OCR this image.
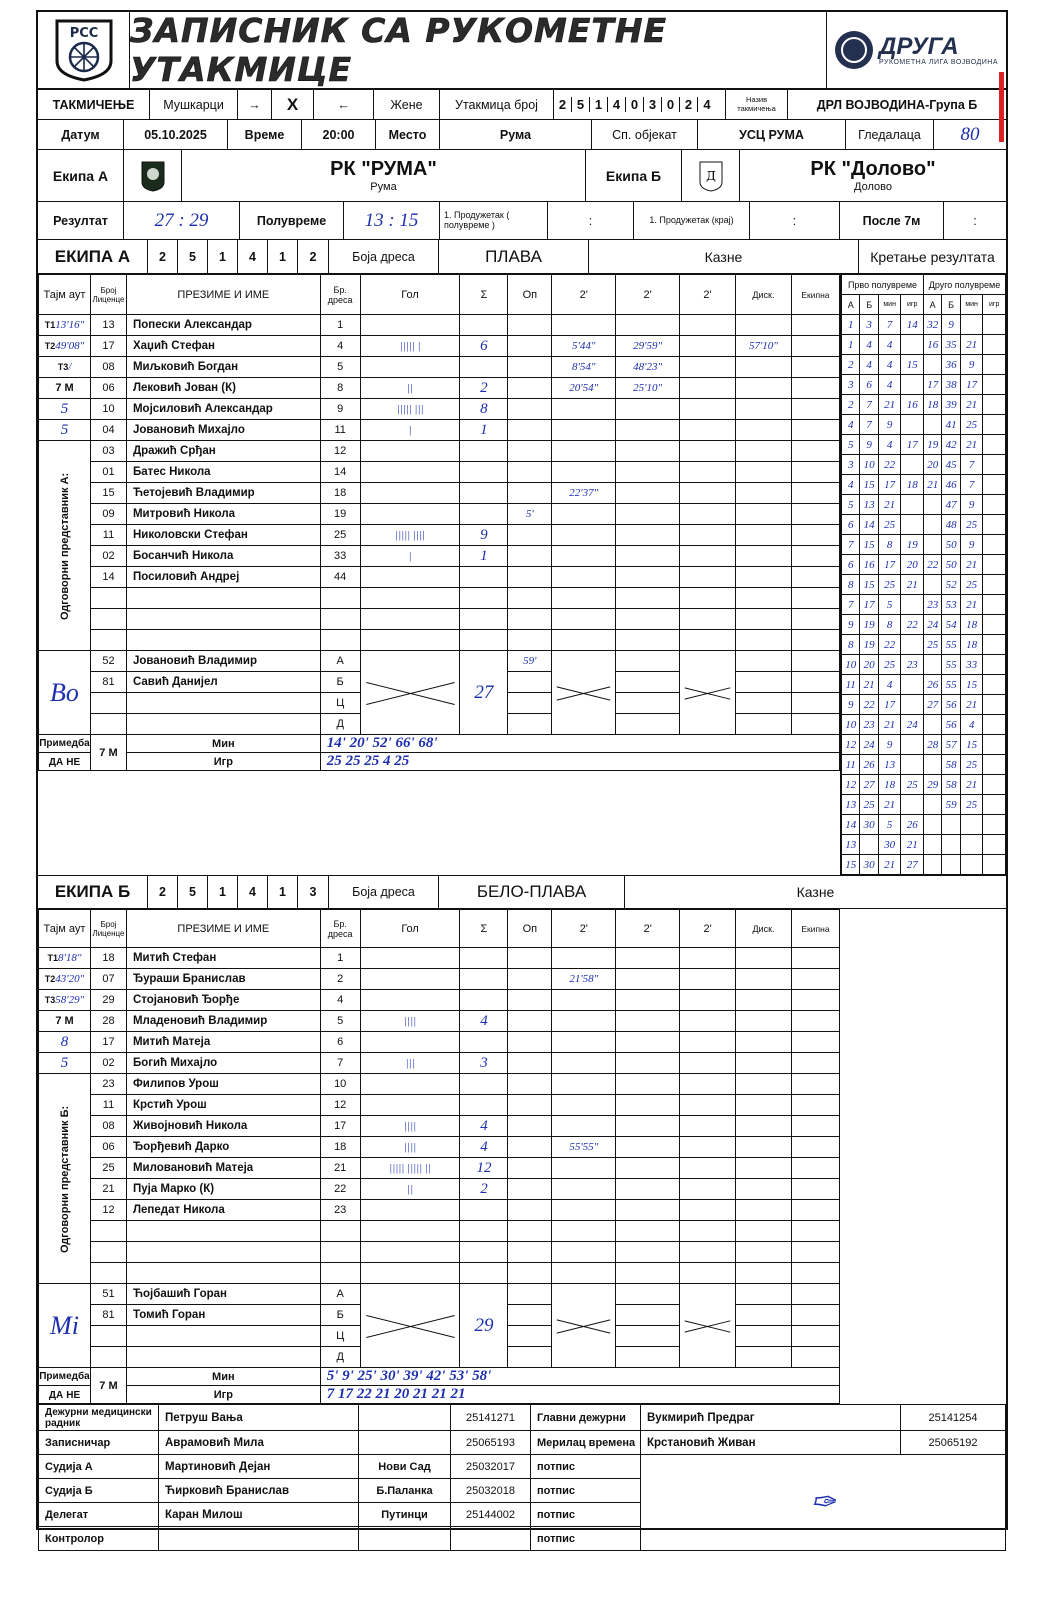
РСС ЗАПИСНИК СА РУКОМЕТНЕ УТАКМИЦЕ
ДРУГА
РУКОМЕТНА ЛИГА ВОЈВОДИНА
ТАКМИЧЕЊЕ	Мушкарци	→	X	←	Жене	Утакмица број	2 5 1 4 0 3 0 2 4	Назив такмичења	ДРЛ ВОЈВОДИНА-Група Б
Датум	05.10.2025	Време	20:00	Место	Рума	Сп. објекат	УСЦ РУМА	Гледалаца	80
Екипа А	РК "РУМА"
Рума
Екипа Б	Д	РК "Долово"
Долово
Резултат	27 : 29	Полувреме	13 : 15	1. Продужетак ( полувреме )	:	1. Продужетак (крај)	:	После 7м	:
ЕКИПА А	2	5	1	4	1	2	Боја дреса	ПЛАВА	Казне	Кретање резултата
Тајм аут	Број Лиценце	ПРЕЗИМЕ И ИМЕ	Бр. дреса	Гол	Σ	Оп	2'	2'	2'	Диск.	Екипна
Т113'16"	13	Попески Александар	1								
Т249'08"	17	Хаџић Стефан	4	||||| |	6		5'44"	29'59"		57'10"	
Т3/	08	Миљковић Богдан	5				8'54"	48'23"			
7 М	06	Лековић Јован (К)	8	||	2		20'54"	25'10"			
5	10	Мојсиловић Александар	9	||||| |||	8						
5	04	Јовановић Михајло	11	|	1						
Одговорни представник А:	03	Дражић Срђан	12								
	01	Батес Никола	14								
	15	Ћетојевић Владимир	18				22'37"				
	09	Митровић Никола	19			5'					
	11	Николовски Стефан	25	||||| ||||	9						
	02	Босанчић Никола	33	|	1						
	14	Посиловић Андреј	44								

Bo	52	Јовановић Владимир	А		27	59'					
	81	Савић Данијел	Б								
			Ц								
			Д								
Примедба	7 М	Мин	14' 20' 52' 66' 68'								
ДА НЕ		Игр	25 25 25 4 25								
Прво полувреме				Друго полувреме			
А	Б	мин	игр	А	Б	мин	игр
1	3	7	14	32	9		
1	4	4		16	35	21	
2	4	4	15		36	9	
3	6	4		17	38	17	
2	7	21	16	18	39	21	
4	7	9			41	25	
5	9	4	17	19	42	21	
3	10	22		20	45	7	
4	15	17	18	21	46	7	
5	13	21			47	9	
6	14	25			48	25	
7	15	8	19		50	9	
6	16	17	20	22	50	21	
8	15	25	21		52	25	
7	17	5		23	53	21	
9	19	8	22	24	54	18	
8	19	22		25	55	18	
10	20	25	23		55	33	
11	21	4		26	55	15	
9	22	17		27	56	21	
10	23	21	24		56	4	
12	24	9		28	57	15	
11	26	13			58	25	
12	27	18	25	29	58	21	
13	25	21			59	25	
14	30	5	26				
13		30	21				
15	30	21	27				
ЕКИПА Б	2	5	1	4	1	3	Боја дреса	БЕЛО-ПЛАВА	Казне
Тајм аут	Број Лиценце	ПРЕЗИМЕ И ИМЕ	Бр. дреса	Гол	Σ	Оп	2'	2'	2'	Диск.	Екипна
Т18'18"	18	Митић Стефан	1								
Т243'20"	07	Ђураши Бранислав	2				21'58"				
Т358'29"	29	Стојановић Ђорђе	4								
7 М	28	Младеновић Владимир	5	||||	4						
8	17	Митић Матеја	6								
5	02	Богић Михајло	7	|||	3						
Одговорни представник Б:	23	Филипов Урош	10								
	11	Крстић Урош	12								
	08	Живојновић Никола	17	||||	4						
	06	Ђорђевић Дарко	18	||||	4		55'55"				
	25	Миловановић Матеја	21	||||| ||||| ||	12						
	21	Пуја Марко (К)	22	||	2						
	12	Лепедат Никола	23								

Mi	51	Ћојбашић Горан	А		29						
	81	Томић Горан	Б								
			Ц								
			Д								
Примедба	7 М	Мин	5' 9' 25' 30' 39' 42' 53' 58'								
ДА НЕ		Игр	7 17 22 21 20 21 21 21								
Дежурни медицински радник	Петруш Вања		25141271	Главни дежурни	Вукмирић Предраг	25141254
Записничар	Аврамовић Мила		25065193	Мерилац времена	Крстановић Живан	25065192
Судија А	Мартиновић Дејан	Нови Сад	25032017	потпис	✑	
Судија Б	Ћирковић Бранислав	Б.Паланка	25032018	потпис		
Делегат	Каран Милош	Путинци	25144002	потпис		
Контролор				потпис		
